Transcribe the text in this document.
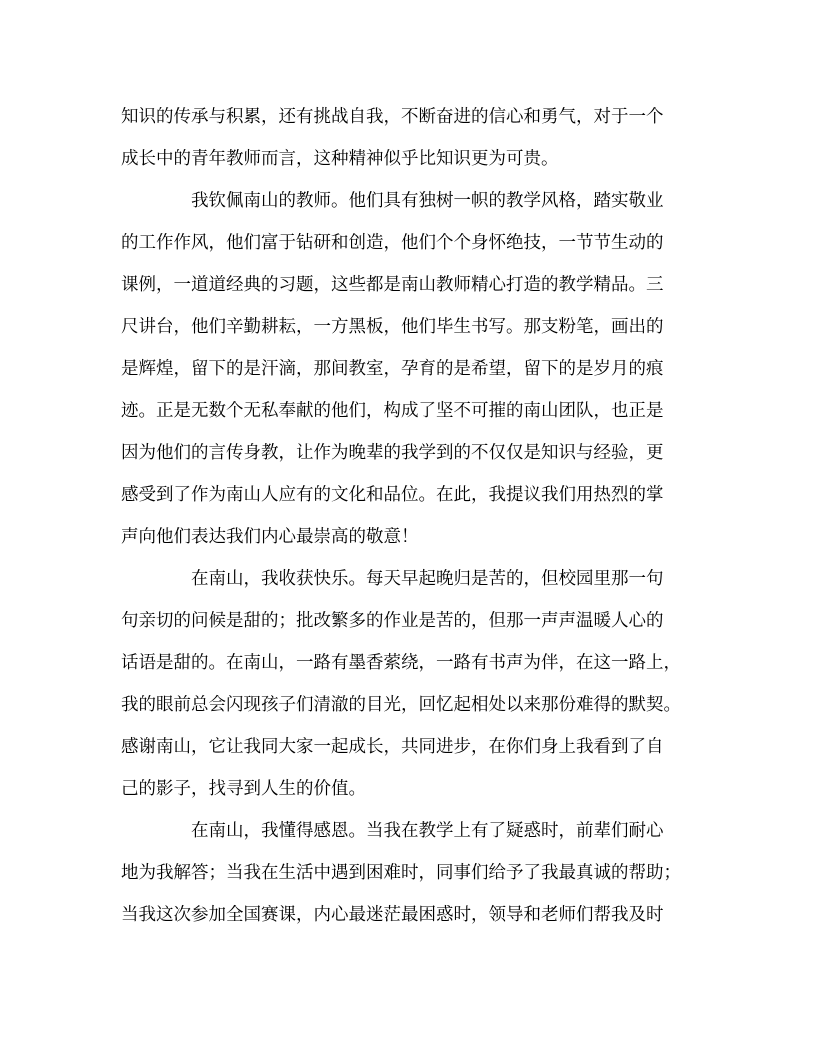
知识的传承与积累，还有挑战自我，不断奋进的信心和勇气，对于一个
成长中的青年教师而言，这种精神似乎比知识更为可贵。
我钦佩南山的教师。他们具有独树一帜的教学风格，踏实敬业
的工作作风，他们富于钻研和创造，他们个个身怀绝技，一节节生动的
课例，一道道经典的习题，这些都是南山教师精心打造的教学精品。三
尺讲台，他们辛勤耕耘，一方黑板，他们毕生书写。那支粉笔，画出的
是辉煌，留下的是汗滴，那间教室，孕育的是希望，留下的是岁月的痕
迹。正是无数个无私奉献的他们，构成了坚不可摧的南山团队，也正是
因为他们的言传身教，让作为晚辈的我学到的不仅仅是知识与经验，更
感受到了作为南山人应有的文化和品位。在此，我提议我们用热烈的掌
声向他们表达我们内心最崇高的敬意！
在南山，我收获快乐。每天早起晚归是苦的，但校园里那一句
句亲切的问候是甜的；批改繁多的作业是苦的，但那一声声温暖人心的
话语是甜的。在南山，一路有墨香萦绕，一路有书声为伴，在这一路上，
我的眼前总会闪现孩子们清澈的目光，回忆起相处以来那份难得的默契。
感谢南山，它让我同大家一起成长，共同进步，在你们身上我看到了自
己的影子，找寻到人生的价值。
在南山，我懂得感恩。当我在教学上有了疑惑时，前辈们耐心
地为我解答；当我在生活中遇到困难时，同事们给予了我最真诚的帮助；
当我这次参加全国赛课，内心最迷茫最困惑时，领导和老师们帮我及时
